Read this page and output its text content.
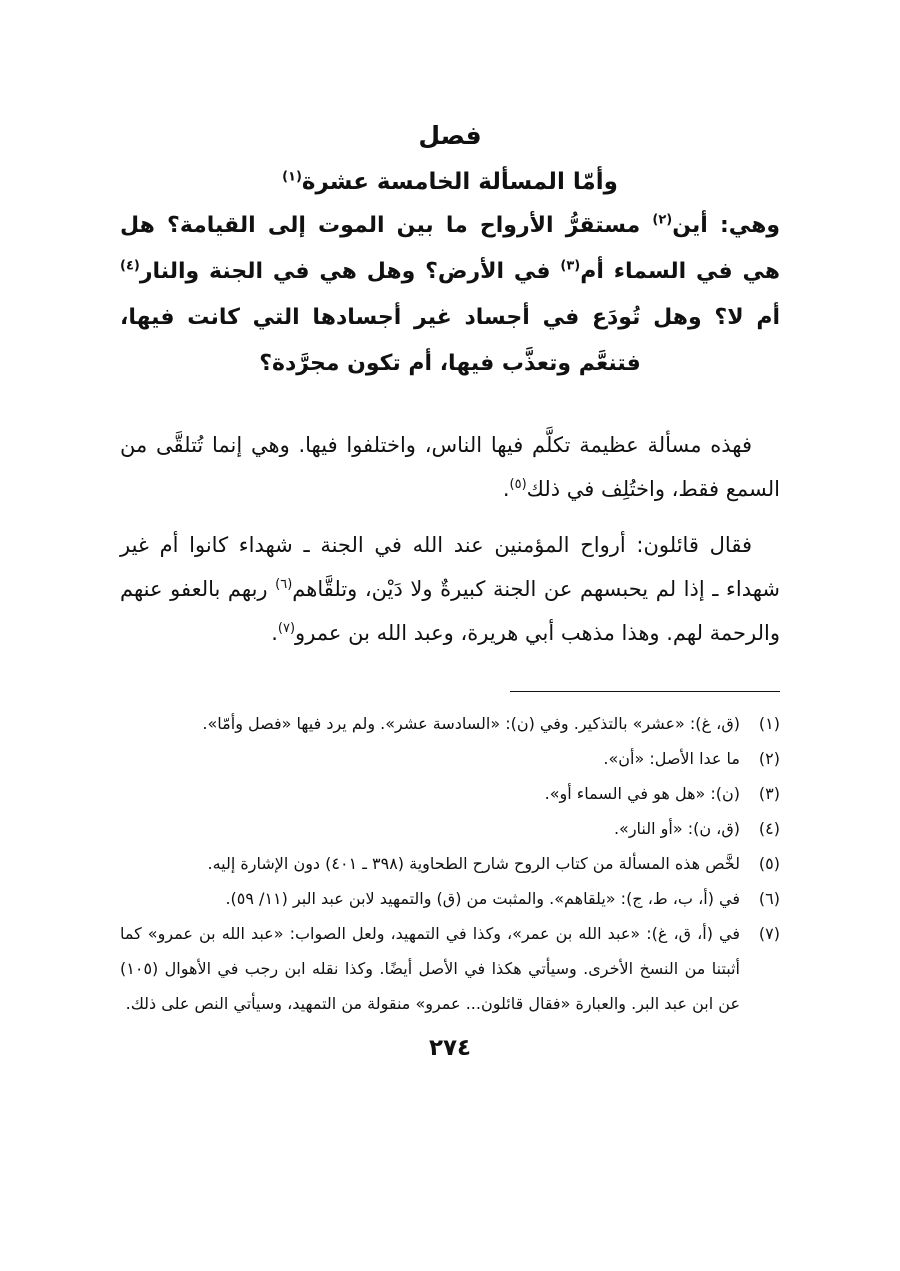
فصل
وأمّا المسألة الخامسة عشرة$^{(١)}$

وهي: أين$^{(٢)}$ مستقرُّ الأرواح ما بين الموت إلى القيامة؟ هل هي في السماء أم$^{(٣)}$ في الأرض؟ وهل هي في الجنة والنار$^{(٤)}$ أم لا؟ وهل تُودَع في أجساد غير أجسادها التي كانت فيها، فتنعَّم وتعذَّب فيها، أم تكون مجرَّدة؟

فهذه مسألة عظيمة تكلَّم فيها الناس، واختلفوا فيها. وهي إنما تُتلقَّى من السمع فقط، واختُلِف في ذلك$^{(٥)}$.

فقال قائلون: أرواح المؤمنين عند الله في الجنة ـ شهداء كانوا أم غير شهداء ـ إذا لم يحبسهم عن الجنة كبيرةٌ ولا دَيْن، وتلقَّاهم$^{(٦)}$ ربهم بالعفو عنهم والرحمة لهم. وهذا مذهب أبي هريرة، وعبد الله بن عمرو$^{(٧)}$.

(١)
(ق، غ): «عشر» بالتذكير. وفي (ن): «السادسة عشر». ولم يرد فيها «فصل وأمّا».
(٢)
ما عدا الأصل: «أن».
(٣)
(ن): «هل هو في السماء أو».
(٤)
(ق، ن): «أو النار».
(٥)
لخَّص هذه المسألة من كتاب الروح شارح الطحاوية (٣٩٨ ـ ٤٠١) دون الإشارة إليه.
(٦)
في (أ، ب، ط، ج): «يلقاهم». والمثبت من (ق) والتمهيد لابن عبد البر (١١/ ٥٩).
(٧)
في (أ، ق، غ): «عبد الله بن عمر»، وكذا في التمهيد، ولعل الصواب: «عبد الله بن عمرو» كما أثبتنا من النسخ الأخرى. وسيأتي هكذا في الأصل أيضًا. وكذا نقله ابن رجب في الأهوال (١٠٥) عن ابن عبد البر. والعبارة «فقال قائلون... عمرو» منقولة من التمهيد، وسيأتي النص على ذلك.
٢٧٤
